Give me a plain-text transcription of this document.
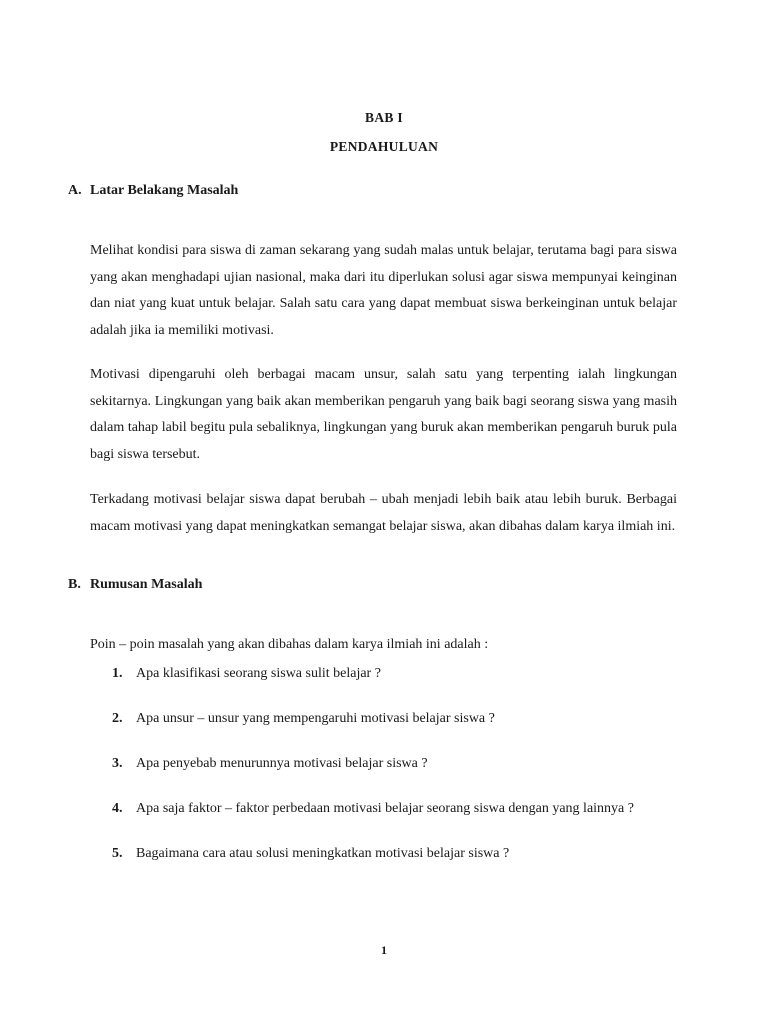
BAB I
PENDAHULUAN
A. Latar Belakang Masalah

Melihat kondisi para siswa di zaman sekarang yang sudah malas untuk belajar, terutama bagi para siswa yang akan menghadapi ujian nasional, maka dari itu diperlukan solusi agar siswa mempunyai keinginan dan niat yang kuat untuk belajar. Salah satu cara yang dapat membuat siswa berkeinginan untuk belajar adalah jika ia memiliki motivasi.

Motivasi dipengaruhi oleh berbagai macam unsur, salah satu yang terpenting ialah lingkungan sekitarnya. Lingkungan yang baik akan memberikan pengaruh yang baik bagi seorang siswa yang masih dalam tahap labil begitu pula sebaliknya, lingkungan yang buruk akan memberikan pengaruh buruk pula bagi siswa tersebut.

Terkadang motivasi belajar siswa dapat berubah – ubah menjadi lebih baik atau lebih buruk. Berbagai macam motivasi yang dapat meningkatkan semangat belajar siswa, akan dibahas dalam karya ilmiah ini.

B. Rumusan Masalah

Poin – poin masalah yang akan dibahas dalam karya ilmiah ini adalah :

1. Apa klasifikasi seorang siswa sulit belajar ?
2. Apa unsur – unsur yang mempengaruhi motivasi belajar siswa ?
3. Apa penyebab menurunnya motivasi belajar siswa ?
4. Apa saja faktor – faktor perbedaan motivasi belajar seorang siswa dengan yang lainnya ?
5. Bagaimana cara atau solusi meningkatkan motivasi belajar siswa ?
1
